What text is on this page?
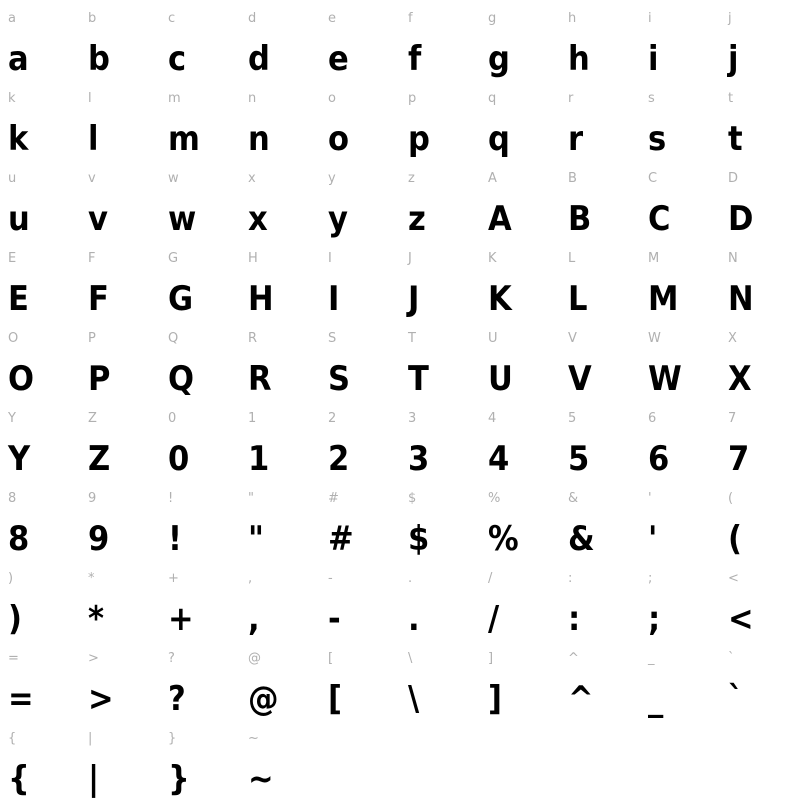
a	b	c	d	e	f	g	h	i	j
a	b	c	d	e	f	g	h	i	j
k	l	m	n	o	p	q	r	s	t
k	l	m	n	o	p	q	r	s	t
u	v	w	x	y	z	A	B	C	D
u	v	w	x	y	z	A	B	C	D
E	F	G	H	I	J	K	L	M	N
E	F	G	H	I	J	K	L	M	N
O	P	Q	R	S	T	U	V	W	X
O	P	Q	R	S	T	U	V	W	X
Y	Z	0	1	2	3	4	5	6	7
Y	Z	0	1	2	3	4	5	6	7
8	9	!	"	#	$	%	&	'	(
8	9	!	"	#	$	%	&	'	(
)	*	+	,	-	.	/	:	;	<
)	*	+	,	-	.	/	:	;	<
=	>	?	@	[	\	]	^	_	`
=	>	?	@	[	\	]	^	_	`
{	|	}	~
{	|	}	~
